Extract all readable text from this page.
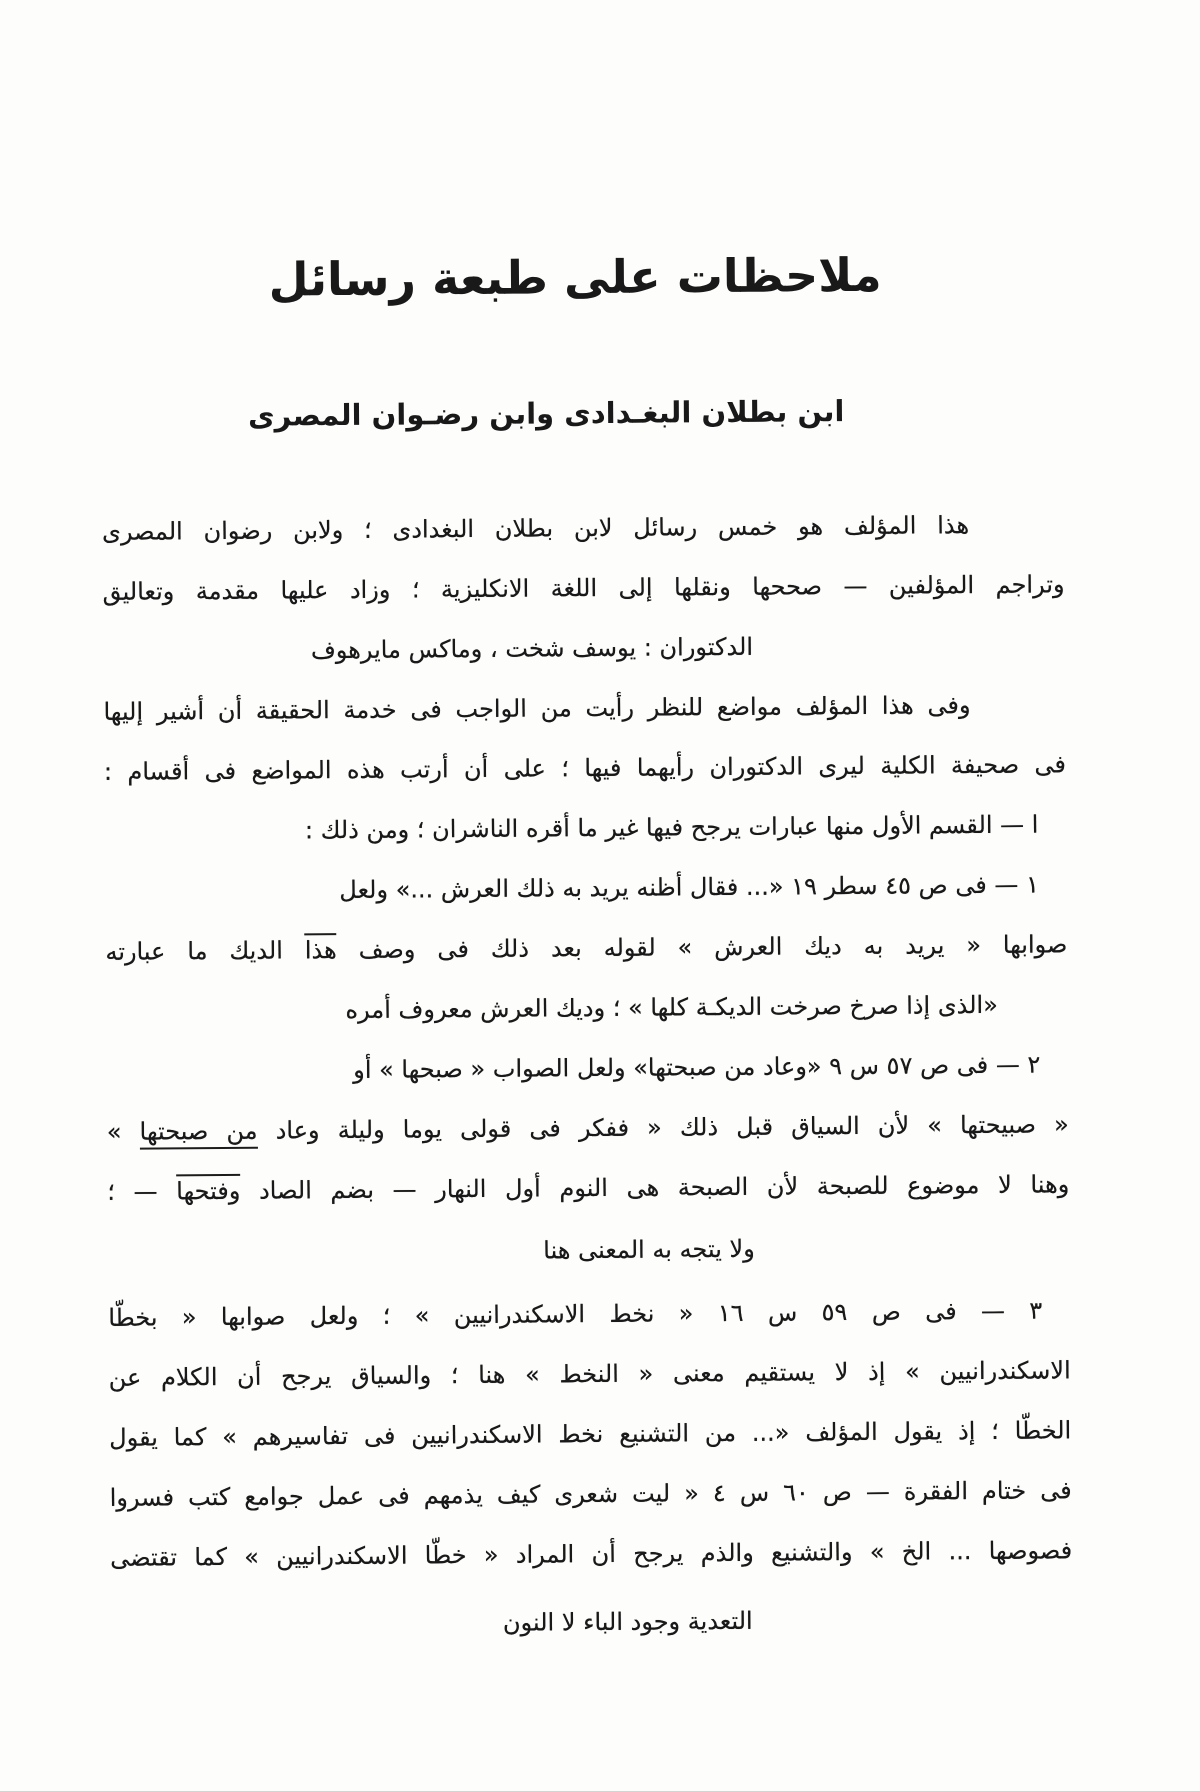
ملاحظات على طبعة رسائل
ابن بطلان البغـدادى وابن رضـوان المصرى
هذا المؤلف هو خمس رسائل لابن بطلان البغدادى ؛ ولابن رضوان المصرى
وتراجم المؤلفين — صححها ونقلها إلى اللغة الانكليزية ؛ وزاد عليها مقدمة وتعاليق
الدكتوران : يوسف شخت ، وماكس مايرهوف
وفى هذا المؤلف مواضع للنظر رأيت من الواجب فى خدمة الحقيقة أن أشير إليها
فى صحيفة الكلية ليرى الدكتوران رأيهما فيها ؛ على أن أرتب هذه المواضع فى أقسام :
ا — القسم الأول منها عبارات يرجح فيها غير ما أقره الناشران ؛ ومن ذلك :
١ — فى ص ٤٥ سطر ١٩ «... فقال أظنه يريد به ذلك العرش ...» ولعل
صوابها « يريد به ديك العرش » لقوله بعد ذلك فى وصف هذا الديك ما عبارته
«الذى إذا صرخ صرخت الديكـة كلها » ؛ وديك العرش معروف أمره
٢ — فى ص ٥٧ س ٩ «وعاد من صبحتها» ولعل الصواب « صبحها » أو
« صبيحتها » لأن السياق قبل ذلك « ففكر فى قولى يوما وليلة وعاد من صبحتها »
وهنا لا موضوع للصبحة لأن الصبحة هى النوم أول النهار — بضم الصاد وفتحها — ؛
ولا يتجه به المعنى هنا
٣ — فى ص ٥٩ س ١٦ « نخط الاسكندرانيين » ؛ ولعل صوابها « بخطّا
الاسكندرانيين » إذ لا يستقيم معنى « النخط » هنا ؛ والسياق يرجح أن الكلام عن
الخطّا ؛ إذ يقول المؤلف «... من التشنيع نخط الاسكندرانيين فى تفاسيرهم » كما يقول
فى ختام الفقرة — ص ٦٠ س ٤ « ليت شعرى كيف يذمهم فى عمل جوامع كتب فسروا
فصوصها ... الخ » والتشنيع والذم يرجح أن المراد « خطّا الاسكندرانيين » كما تقتضى
التعدية وجود الباء لا النون
